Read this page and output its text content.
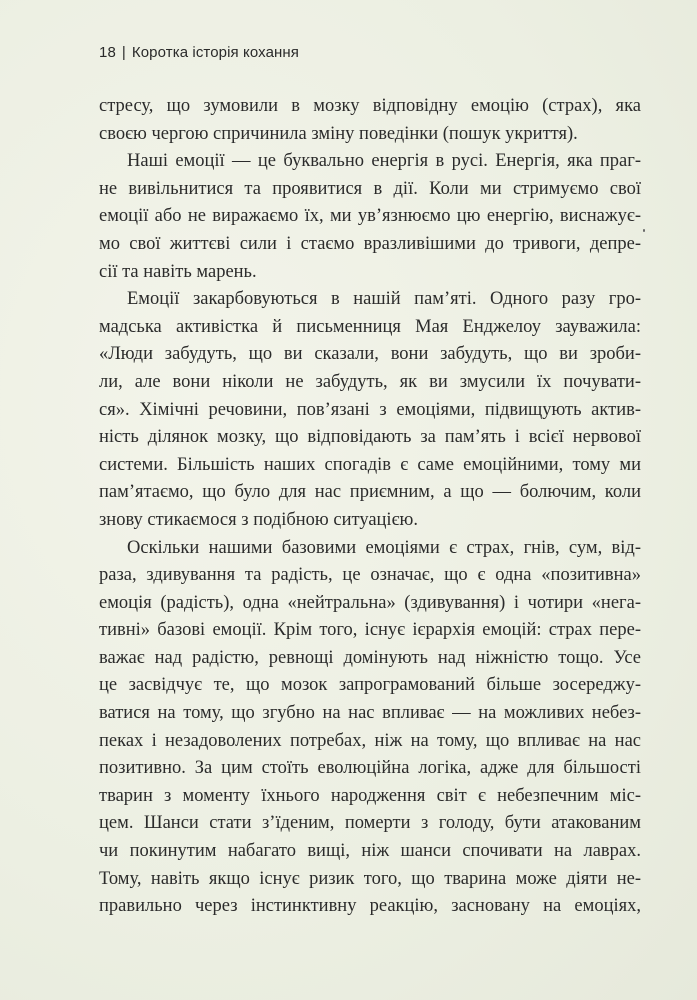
18 | Коротка історія кохання
стресу, що зумовили в мозку відповідну емоцію (страх), яка
своєю чергою спричинила зміну поведінки (пошук укриття).
Наші емоції — це буквально енергія в русі. Енергія, яка праг-
не вивільнитися та проявитися в дії. Коли ми стримуємо свої
емоції або не виражаємо їх, ми ув’язнюємо цю енергію, виснажує-
мо свої життєві сили і стаємо вразливішими до тривоги, депре-
сії та навіть марень.
Емоції закарбовуються в нашій пам’яті. Одного разу гро-
мадська активістка й письменниця Мая Енджелоу зауважила:
«Люди забудуть, що ви сказали, вони забудуть, що ви зроби-
ли, але вони ніколи не забудуть, як ви змусили їх почувати-
ся». Хімічні речовини, пов’язані з емоціями, підвищують актив-
ність ділянок мозку, що відповідають за пам’ять і всієї нервової
системи. Більшість наших спогадів є саме емоційними, тому ми
пам’ятаємо, що було для нас приємним, а що — болючим, коли
знову стикаємося з подібною ситуацією.
Оскільки нашими базовими емоціями є страх, гнів, сум, від-
раза, здивування та радість, це означає, що є одна «позитивна»
емоція (радість), одна «нейтральна» (здивування) і чотири «нега-
тивні» базові емоції. Крім того, існує ієрархія емоцій: страх пере-
важає над радістю, ревнощі домінують над ніжністю тощо. Усе
це засвідчує те, що мозок запрограмований більше зосереджу-
ватися на тому, що згубно на нас впливає — на можливих небез-
пеках і незадоволених потребах, ніж на тому, що впливає на нас
позитивно. За цим стоїть еволюційна логіка, адже для більшості
тварин з моменту їхнього народження світ є небезпечним міс-
цем. Шанси стати з’їденим, померти з голоду, бути атакованим
чи покинутим набагато вищі, ніж шанси спочивати на лаврах.
Тому, навіть якщо існує ризик того, що тварина може діяти не-
правильно через інстинктивну реакцію, засновану на емоціях,
